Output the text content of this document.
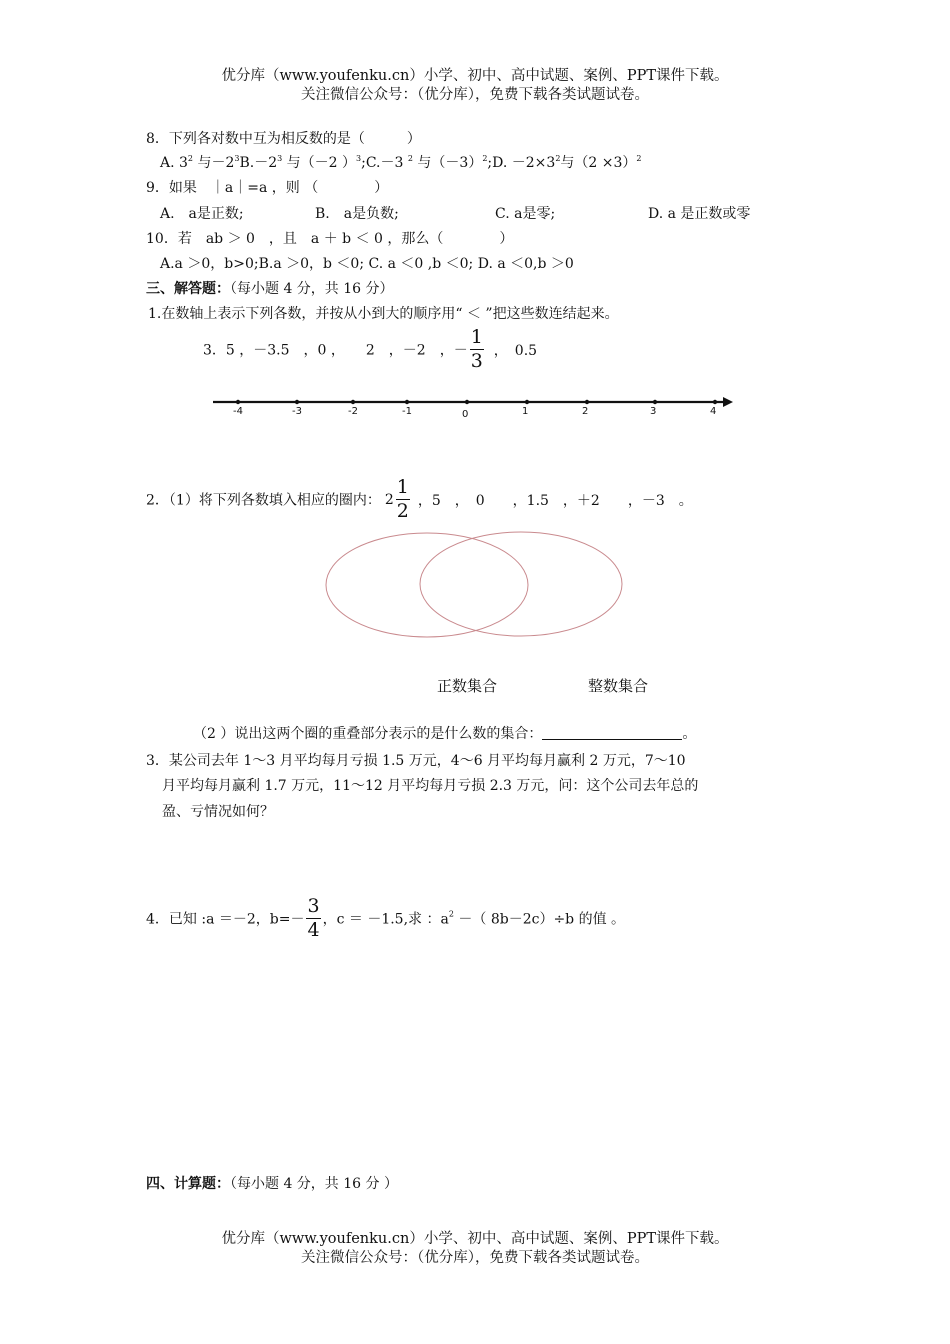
优分库（www.youfenku.cn）小学、初中、高中试题、案例、PPT课件下载。
关注微信公众号：（优分库），免费下载各类试题试卷。
8．下列各对数中互为相反数的是（　　　）
A. $3^2$ 与$-2^3B.-2^3$ 与（－2 ）$^3$;C.－3 $^2$ 与$(-3)^2;D$. $-2\times 3^2$与$(2 \times 3)^2$
9．如果　｜a｜=a ，则 （　　　　）
A.　a是正数;	B.　a是负数;	C. a是零;	D. a 是正数或零
10．若　ab ＞ 0　，且　a ＋ b ＜ 0 ，那么（　　　　）
A.a ＞0，b>0;B.a ＞0，b ＜0; C. a ＜0 ,b ＜0; D. a ＜0,b ＞0
三、解答题：（每小题 4 分，共 16 分）
1.在数轴上表示下列各数，并按从小到大的顺序用“ ＜ ”把这些数连结起来。
3．5 ，－3.5　，0 ，　　2　，－2　，－ $\frac{1}{3}$ ，　0.5
-4	-3	-2	-1	0	1	2	3	4
2．（1）将下列各数填入相应的圈内： $2 \frac{1}{2}$ ，5　，　0　　，1.5　，＋2　　，－3　。
正数集合	整数集合
（2 ）说出这两个圈的重叠部分表示的是什么数的集合：	。
3．某公司去年 1～3 月平均每月亏损 1.5 万元，4～6 月平均每月赢利 2 万元，7～10
月平均每月赢利 1.7 万元，11～12 月平均每月亏损 2.3 万元，问：这个公司去年总的
盈、亏情况如何？
4．已知 :a ＝－2，$b=- \frac{3}{4}$ ，c ＝ －1.5,求 ：$a^2$ －（ 8b－2c）÷b 的值 。
四、计算题：（每小题 4 分，共 16 分 ）
优分库（www.youfenku.cn）小学、初中、高中试题、案例、PPT课件下载。
关注微信公众号：（优分库），免费下载各类试题试卷。
